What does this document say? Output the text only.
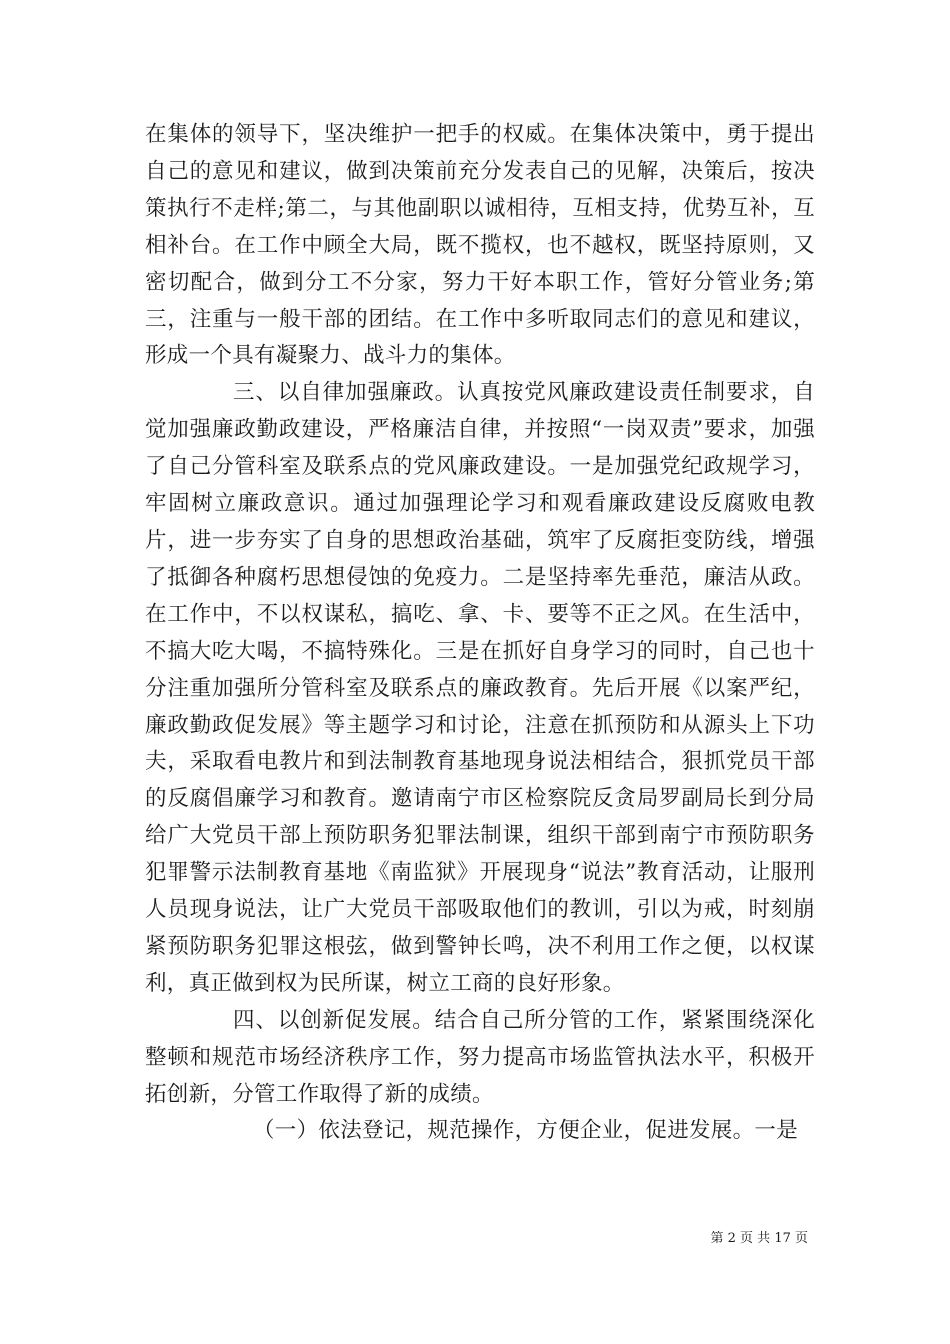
在集体的领导下，坚决维护一把手的权威。在集体决策中，勇于提出自己的意见和建议，做到决策前充分发表自己的见解，决策后，按决策执行不走样;第二，与其他副职以诚相待，互相支持，优势互补，互相补台。在工作中顾全大局，既不揽权，也不越权，既坚持原则，又密切配合，做到分工不分家，努力干好本职工作，管好分管业务;第三，注重与一般干部的团结。在工作中多听取同志们的意见和建议，形成一个具有凝聚力、战斗力的集体。

三、以自律加强廉政。认真按党风廉政建设责任制要求，自觉加强廉政勤政建设，严格廉洁自律，并按照“一岗双责”要求，加强了自己分管科室及联系点的党风廉政建设。一是加强党纪政规学习，牢固树立廉政意识。通过加强理论学习和观看廉政建设反腐败电教片，进一步夯实了自身的思想政治基础，筑牢了反腐拒变防线，增强了抵御各种腐朽思想侵蚀的免疫力。二是坚持率先垂范，廉洁从政。在工作中，不以权谋私，搞吃、拿、卡、要等不正之风。在生活中，不搞大吃大喝，不搞特殊化。三是在抓好自身学习的同时，自己也十分注重加强所分管科室及联系点的廉政教育。先后开展《以案严纪，廉政勤政促发展》等主题学习和讨论，注意在抓预防和从源头上下功夫，采取看电教片和到法制教育基地现身说法相结合，狠抓党员干部的反腐倡廉学习和教育。邀请南宁市区检察院反贪局罗副局长到分局给广大党员干部上预防职务犯罪法制课，组织干部到南宁市预防职务犯罪警示法制教育基地《南监狱》开展现身“说法”教育活动，让服刑人员现身说法，让广大党员干部吸取他们的教训，引以为戒，时刻崩紧预防职务犯罪这根弦，做到警钟长鸣，决不利用工作之便，以权谋利，真正做到权为民所谋，树立工商的良好形象。

四、以创新促发展。结合自己所分管的工作，紧紧围绕深化整顿和规范市场经济秩序工作，努力提高市场监管执法水平，积极开拓创新，分管工作取得了新的成绩。

（一）依法登记，规范操作，方便企业，促进发展。一是

第 2 页 共 17 页
